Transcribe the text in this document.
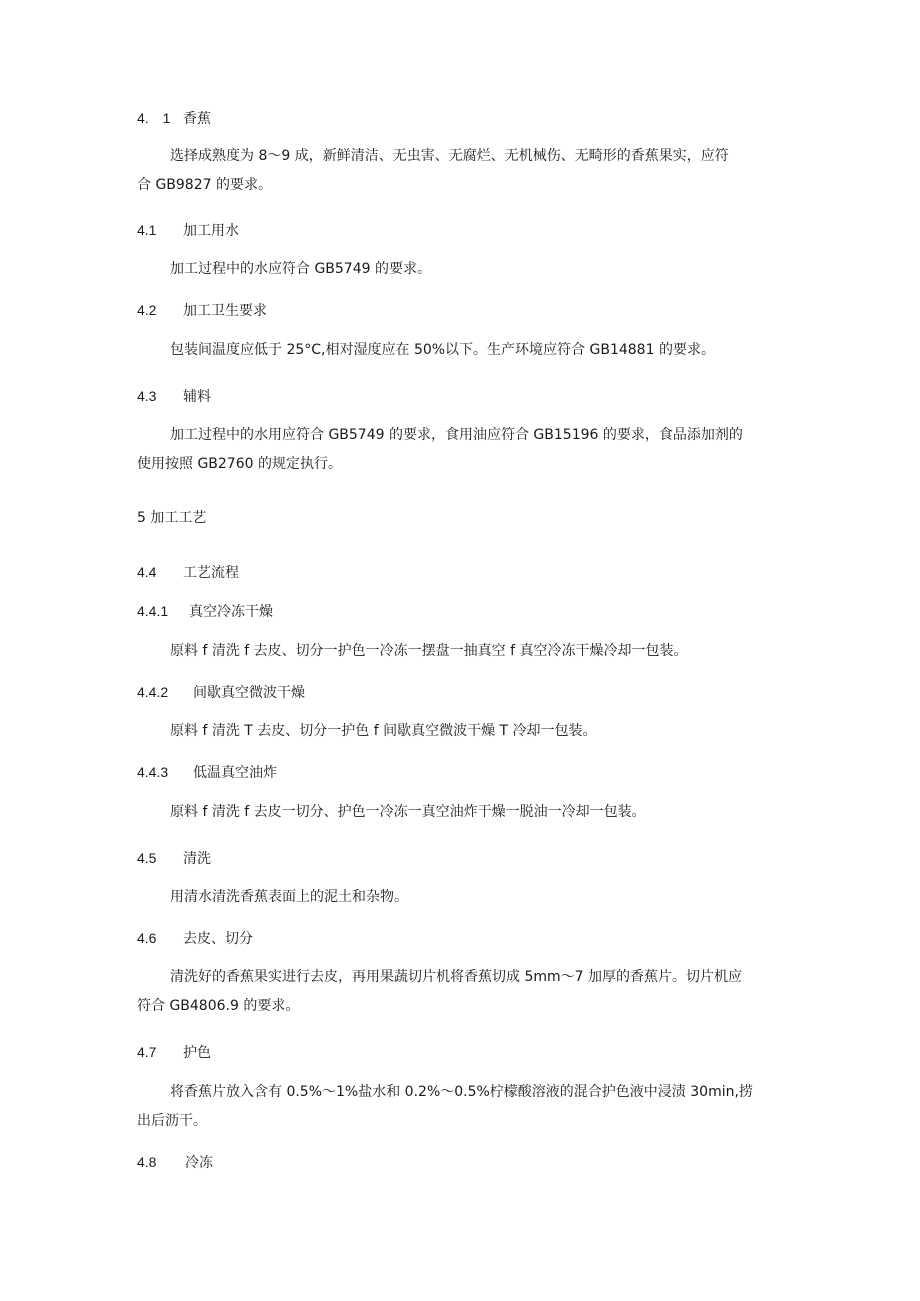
4.　1 香蕉
选择成熟度为 8～9 成，新鲜清洁、无虫害、无腐烂、无机械伤、无畸形的香蕉果实，应符
合 GB9827 的要求。
4.1 加工用水
加工过程中的水应符合 GB5749 的要求。
4.2 加工卫生要求
包装间温度应低于 25°C,相对湿度应在 50%以下。生产环境应符合 GB14881 的要求。
4.3 辅料
加工过程中的水用应符合 GB5749 的要求，食用油应符合 GB15196 的要求，食品添加剂的
使用按照 GB2760 的规定执行。
5 加工工艺
4.4 工艺流程
4.4.1 真空冷冻干燥
原料 f 清洗 f 去皮、切分一护色一冷冻一摆盘一抽真空 f 真空冷冻干燥冷却一包装。
4.4.2 间歇真空微波干燥
原料 f 清洗 T 去皮、切分一护色 f 间歇真空微波干燥 T 冷却一包装。
4.4.3 低温真空油炸
原料 f 清洗 f 去皮一切分、护色一冷冻一真空油炸干燥一脱油一冷却一包装。
4.5 清洗
用清水清洗香蕉表面上的泥土和杂物。
4.6 去皮、切分
清洗好的香蕉果实进行去皮，再用果蔬切片机将香蕉切成 5mm～7 加厚的香蕉片。切片机应
符合 GB4806.9 的要求。
4.7 护色
将香蕉片放入含有 0.5%～1%盐水和 0.2%～0.5%柠檬酸溶液的混合护色液中浸渍 30min,捞
出后沥干。
4.8 冷冻
